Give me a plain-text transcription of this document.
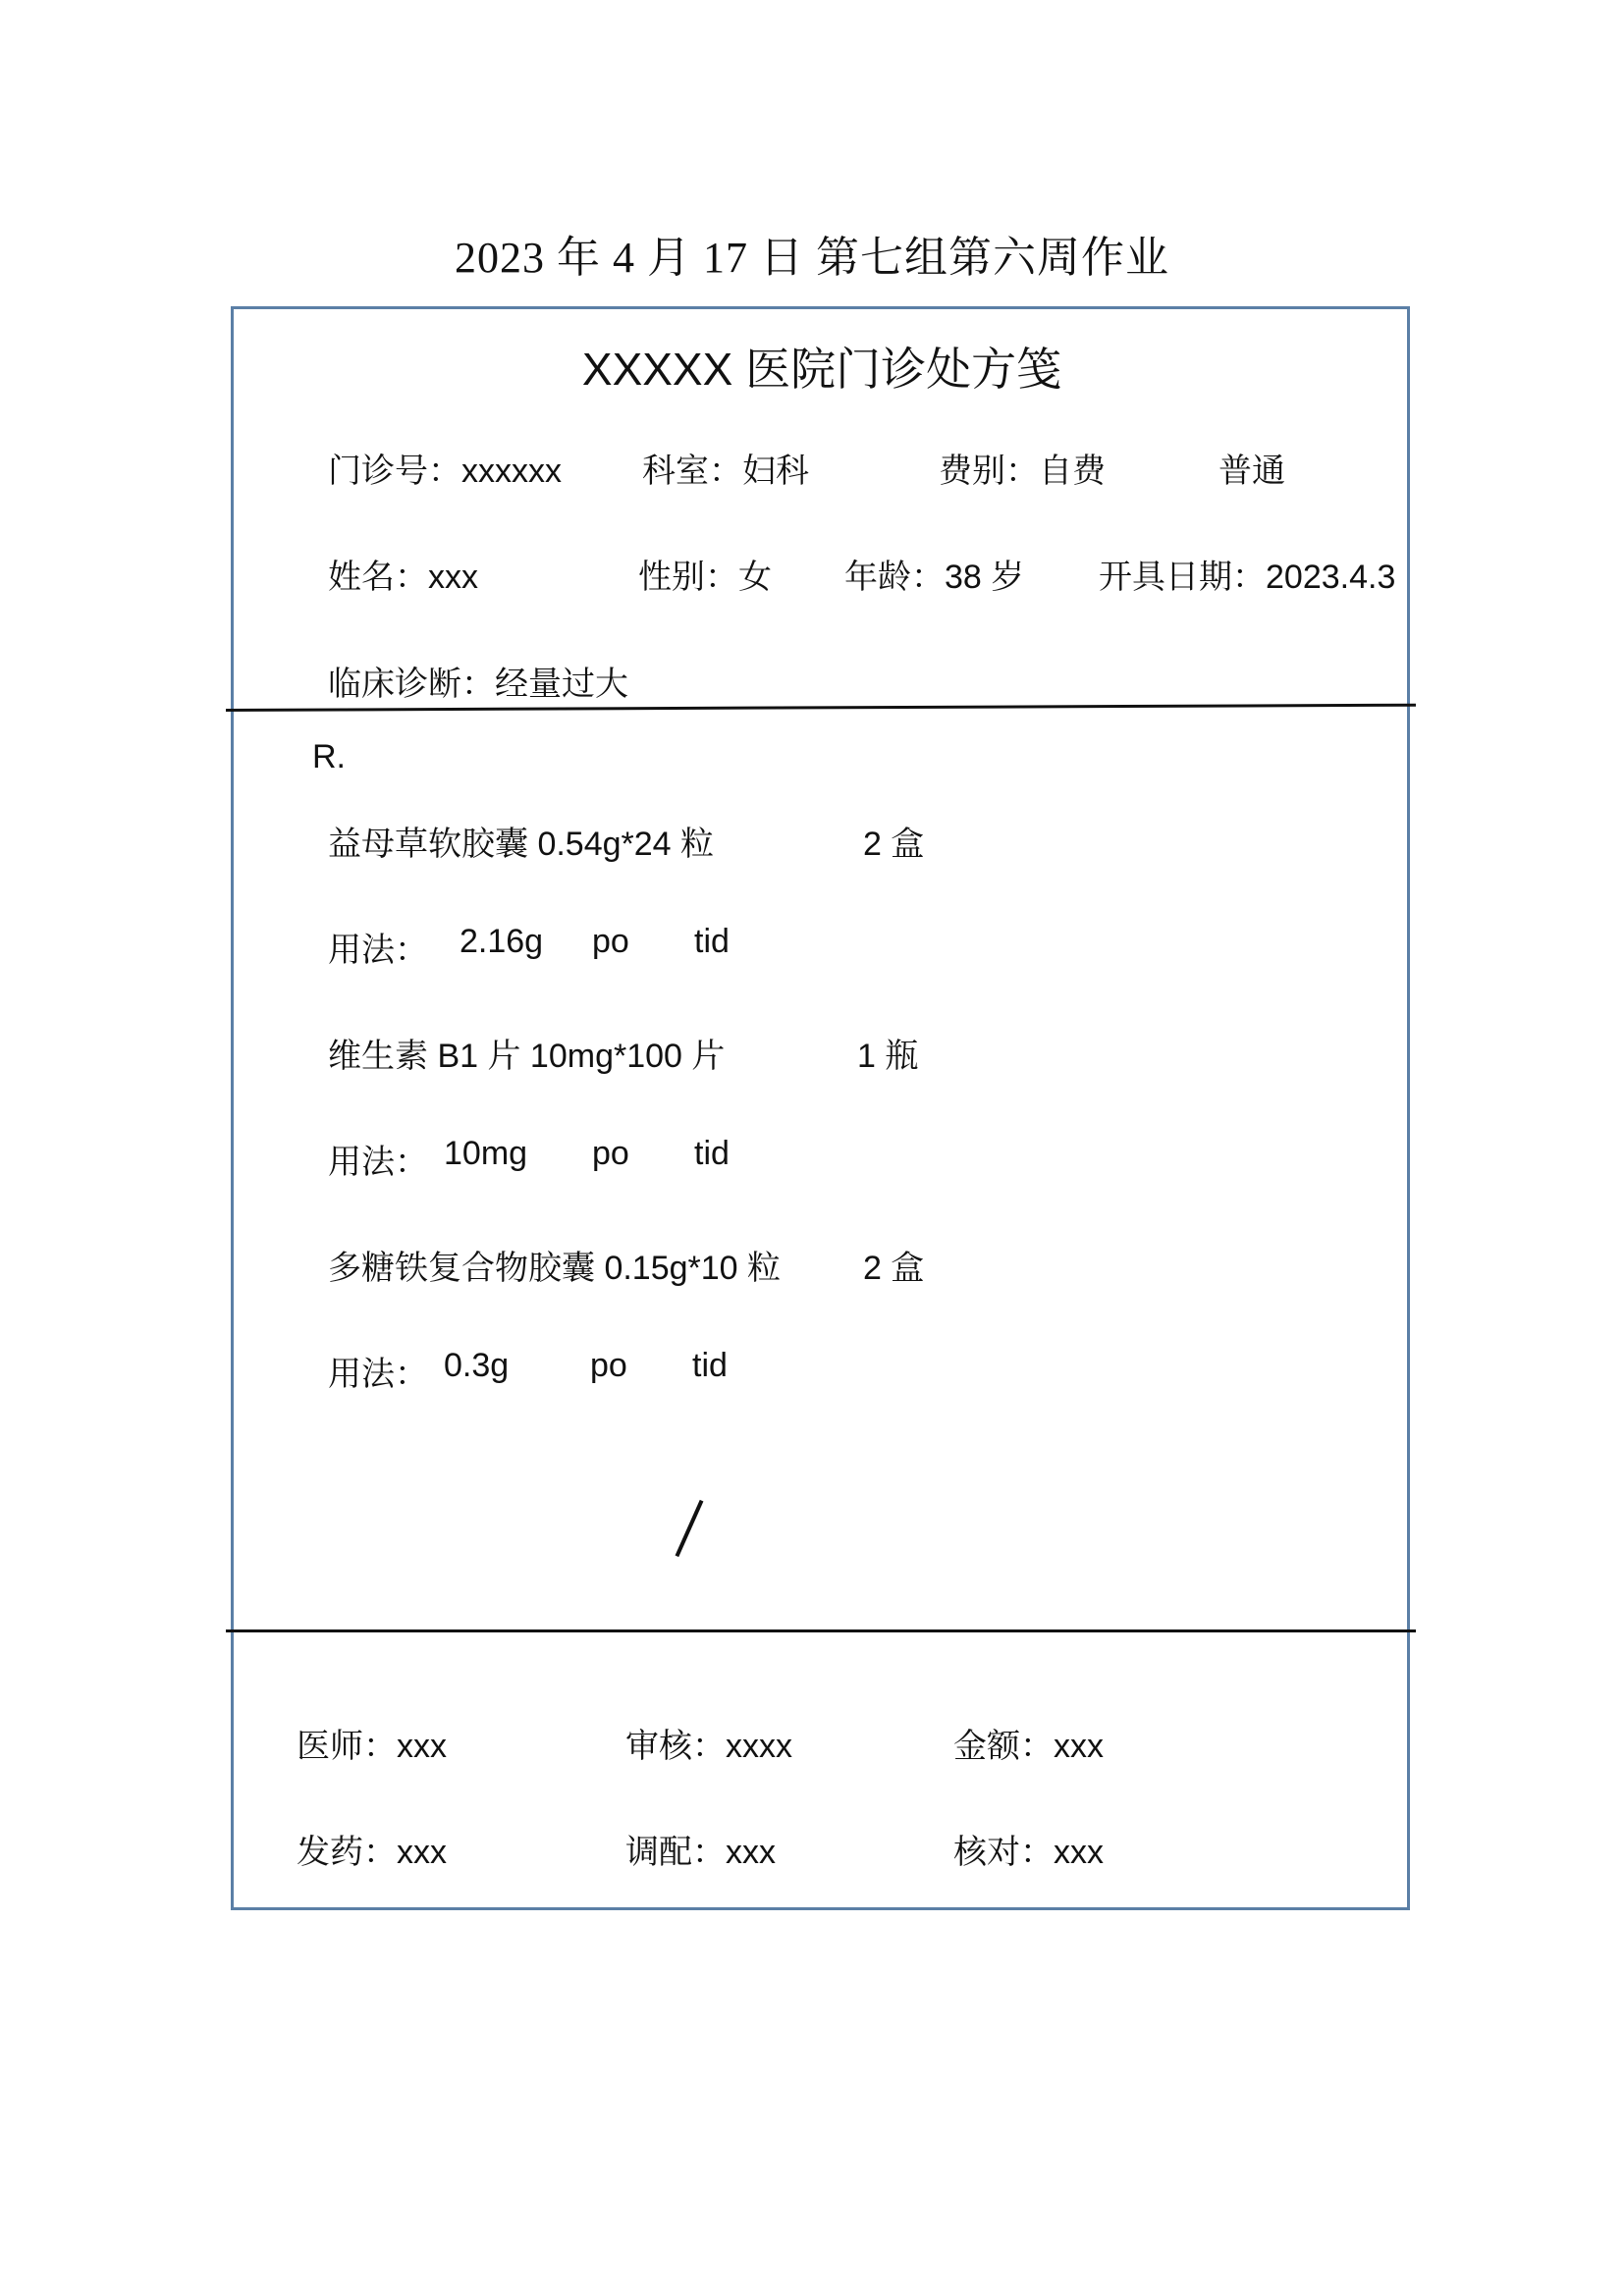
2023 年 4 月 17 日 第七组第六周作业
XXXXX 医院门诊处方笺
门诊号：xxxxxx 科室：妇科	费别：自费	普通
姓名：xxx	性别：女 年龄：38 岁 开具日期：2023.4.3
临床诊断：经量过大
R.
益母草软胶囊 0.54g*24 粒	2 盒
用法： 2.16g po tid
维生素 B1 片 10mg*100 片	1 瓶
用法： 10mg po tid
多糖铁复合物胶囊 0.15g*10 粒 2 盒
用法： 0.3g po tid
医师：xxx	审核：xxxx	金额：xxx
发药：xxx	调配：xxx	核对：xxx
